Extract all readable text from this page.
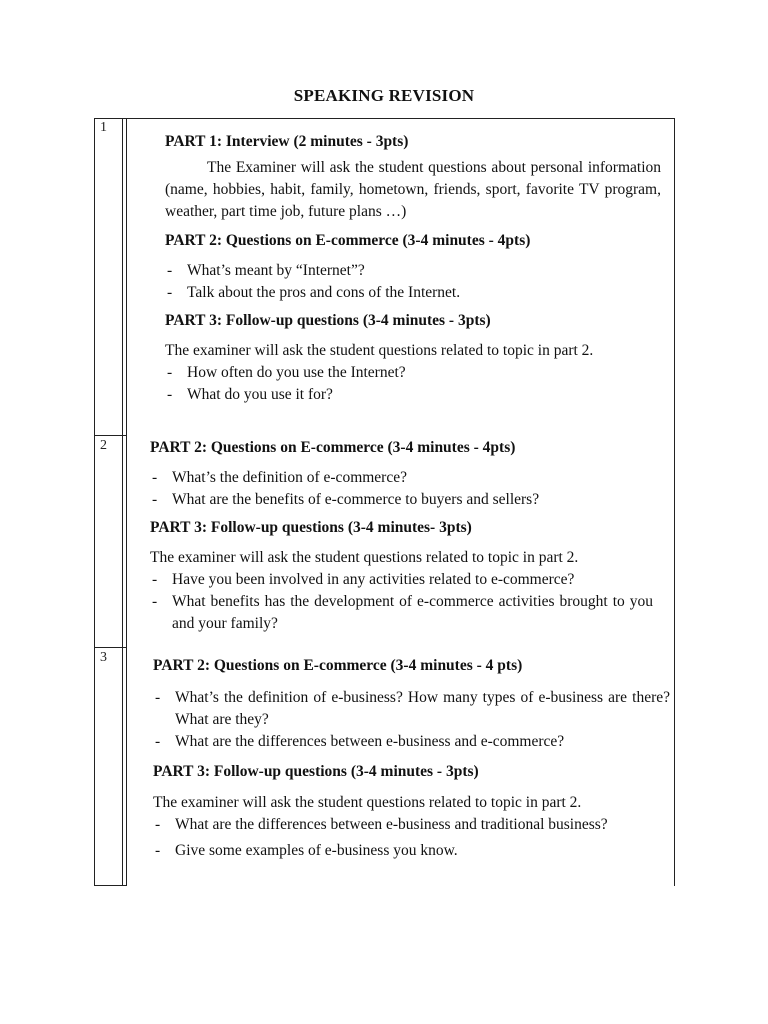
SPEAKING REVISION
1
2
3

PART 1: Interview (2 minutes - 3pts)

The Examiner will ask the student questions about personal information (name, hobbies, habit, family, hometown, friends, sport, favorite TV program, weather, part time job, future plans …)

PART 2: Questions on E-commerce (3-4 minutes - 4pts)

- What’s meant by “Internet”?
- Talk about the pros and cons of the Internet.

PART 3: Follow-up questions (3-4 minutes - 3pts)

The examiner will ask the student questions related to topic in part 2.

- How often do you use the Internet?
- What do you use it for?

PART 2: Questions on E-commerce (3-4 minutes - 4pts)

- What’s the definition of e-commerce?
- What are the benefits of e-commerce to buyers and sellers?

PART 3: Follow-up questions (3-4 minutes- 3pts)

The examiner will ask the student questions related to topic in part 2.

- Have you been involved in any activities related to e-commerce?
- What benefits has the development of e-commerce activities brought to you and your family?

PART 2: Questions on E-commerce (3-4 minutes - 4 pts)

- What’s the definition of e-business? How many types of e-business are there? What are they?
- What are the differences between e-business and e-commerce?

PART 3: Follow-up questions (3-4 minutes - 3pts)

The examiner will ask the student questions related to topic in part 2.

- What are the differences between e-business and traditional business?
- Give some examples of e-business you know.
